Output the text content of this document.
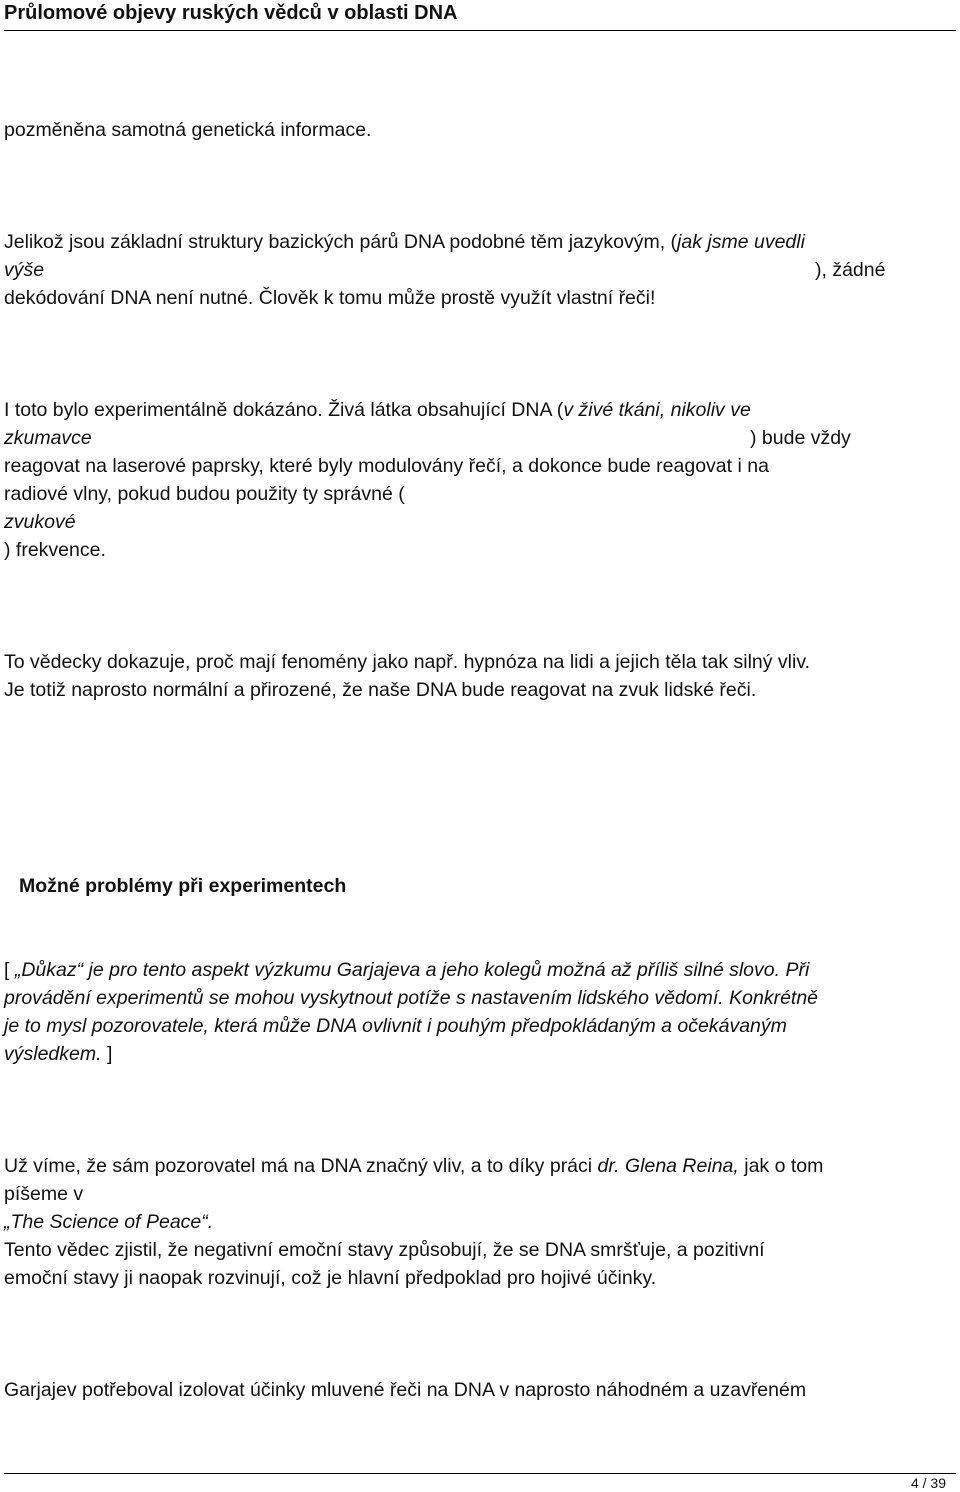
Průlomové objevy ruských vědců v oblasti DNA
pozměněna samotná genetická informace.
Jelikož jsou základní struktury bazických párů DNA podobné těm jazykovým, (jak jsme uvedli
výše	), žádné
dekódování DNA není nutné. Člověk k tomu může prostě využít vlastní řeči!
I toto bylo experimentálně dokázáno. Živá látka obsahující DNA (v živé tkáni, nikoliv ve
zkumavce	) bude vždy
reagovat na laserové paprsky, které byly modulovány řečí, a dokonce bude reagovat i na
radiové vlny, pokud budou použity ty správné (
zvukové
) frekvence.
To vědecky dokazuje, proč mají fenomény jako např. hypnóza na lidi a jejich těla tak silný vliv.
Je totiž naprosto normální a přirozené, že naše DNA bude reagovat na zvuk lidské řeči.
Možné problémy při experimentech
[ „Důkaz“ je pro tento aspekt výzkumu Garjajeva a jeho kolegů možná až příliš silné slovo. Při
provádění experimentů se mohou vyskytnout potíže s nastavením lidského vědomí. Konkrétně
je to mysl pozorovatele, která může DNA ovlivnit i pouhým předpokládaným a očekávaným
výsledkem. ]
Už víme, že sám pozorovatel má na DNA značný vliv, a to díky práci dr. Glena Reina, jak o tom
píšeme v
„The Science of Peace“.
Tento vědec zjistil, že negativní emoční stavy způsobují, že se DNA smršťuje, a pozitivní
emoční stavy ji naopak rozvinují, což je hlavní předpoklad pro hojivé účinky.
Garjajev potřeboval izolovat účinky mluvené řeči na DNA v naprosto náhodném a uzavřeném
4 / 39
